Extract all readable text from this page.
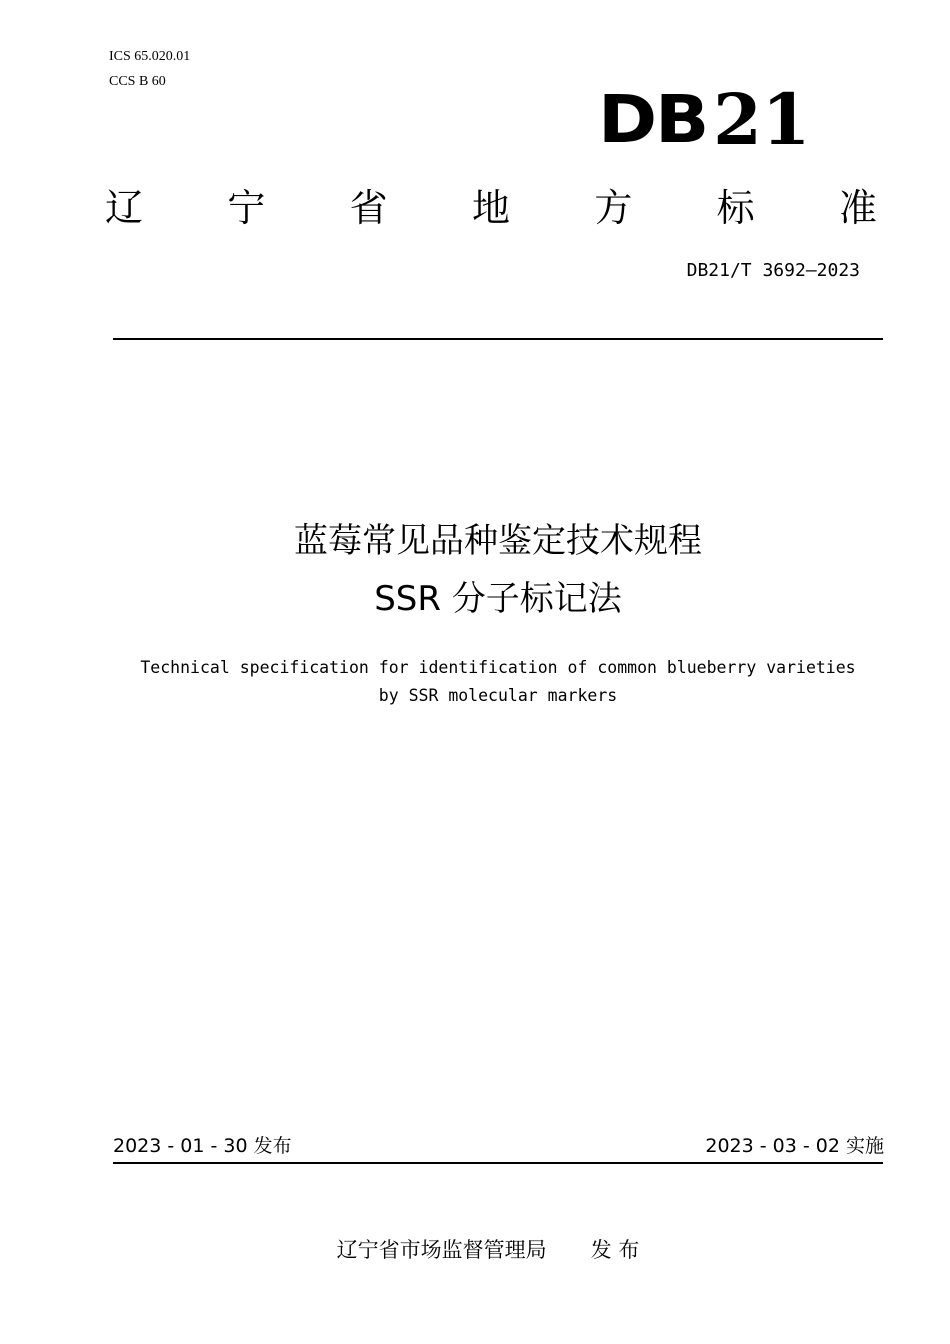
ICS 65.020.01
CCS B 60	DB 21
辽 宁 省 地 方 标 准
DB21/T 3692—2023
蓝莓常见品种鉴定技术规程
SSR 分子标记法
Technical specification for identification of common blueberry varieties
by SSR molecular markers
2023 - 01 - 30 发布	2023 - 03 - 02 实施
辽宁省市场监督管理局 发 布
